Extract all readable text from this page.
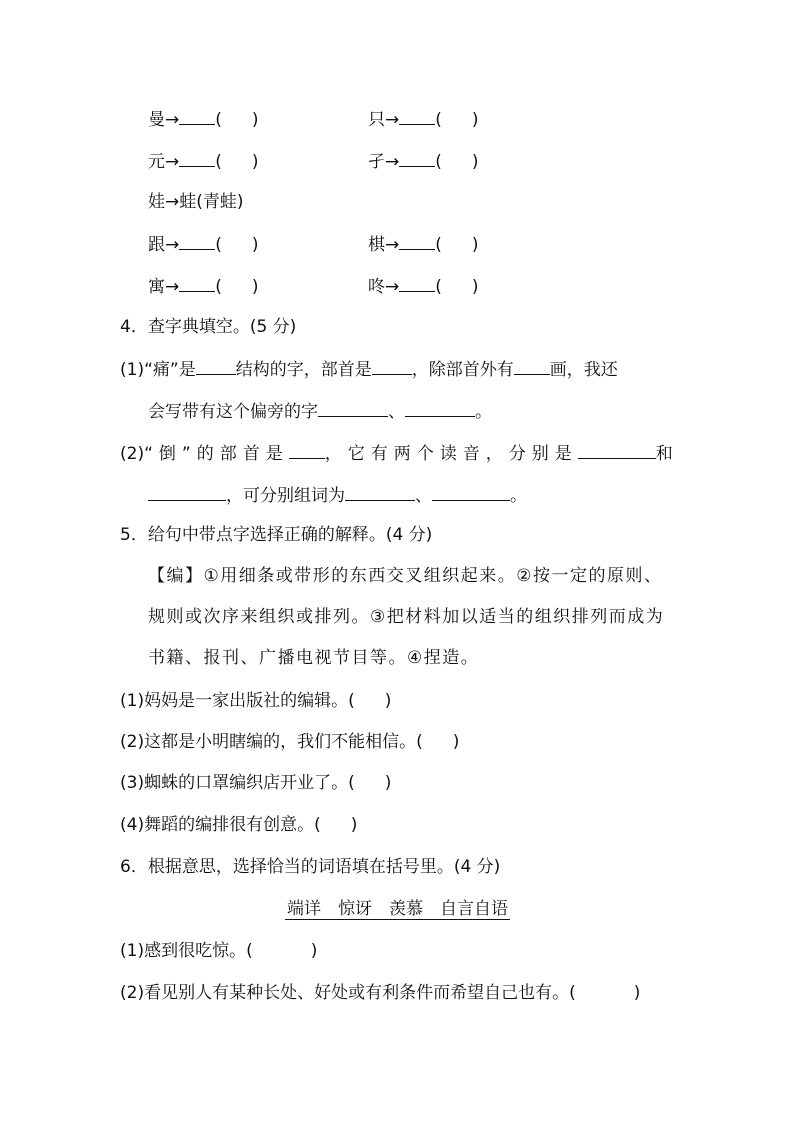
曼→ ( )	只→ ( )
元→ ( )	孑→ ( )
娃→蛙(青蛙)
跟→ ( )	棋→ ( )
寓→ ( )	咚→ ( )
4．查字典填空。(5 分)
(1)“痛”是 结构的字，部首是 ，除部首外有 画，我还
会写带有这个偏旁的字	、	。
(2)“倒”的部首是 ，它有两个读音，分别是	和
，可分别组词为	、	。
5．给句中带点字选择正确的解释。(4 分)
【编】①用细条或带形的东西交叉组织起来。②按一定的原则、
规则或次序来组织或排列。③把材料加以适当的组织排列而成为
书籍、报刊、广播电视节目等。④捏造。
(1)妈妈是一家出版社的编辑。( )
(2)这都是小明瞎编的，我们不能相信。( )
(3)蜘蛛的口罩编织店开业了。( )
(4)舞蹈的编排很有创意。( )
6．根据意思，选择恰当的词语填在括号里。(4 分)
端详　惊讶　羡慕　自言自语
(1)感到很吃惊。(	)
(2)看见别人有某种长处、好处或有利条件而希望自己也有。(	)
